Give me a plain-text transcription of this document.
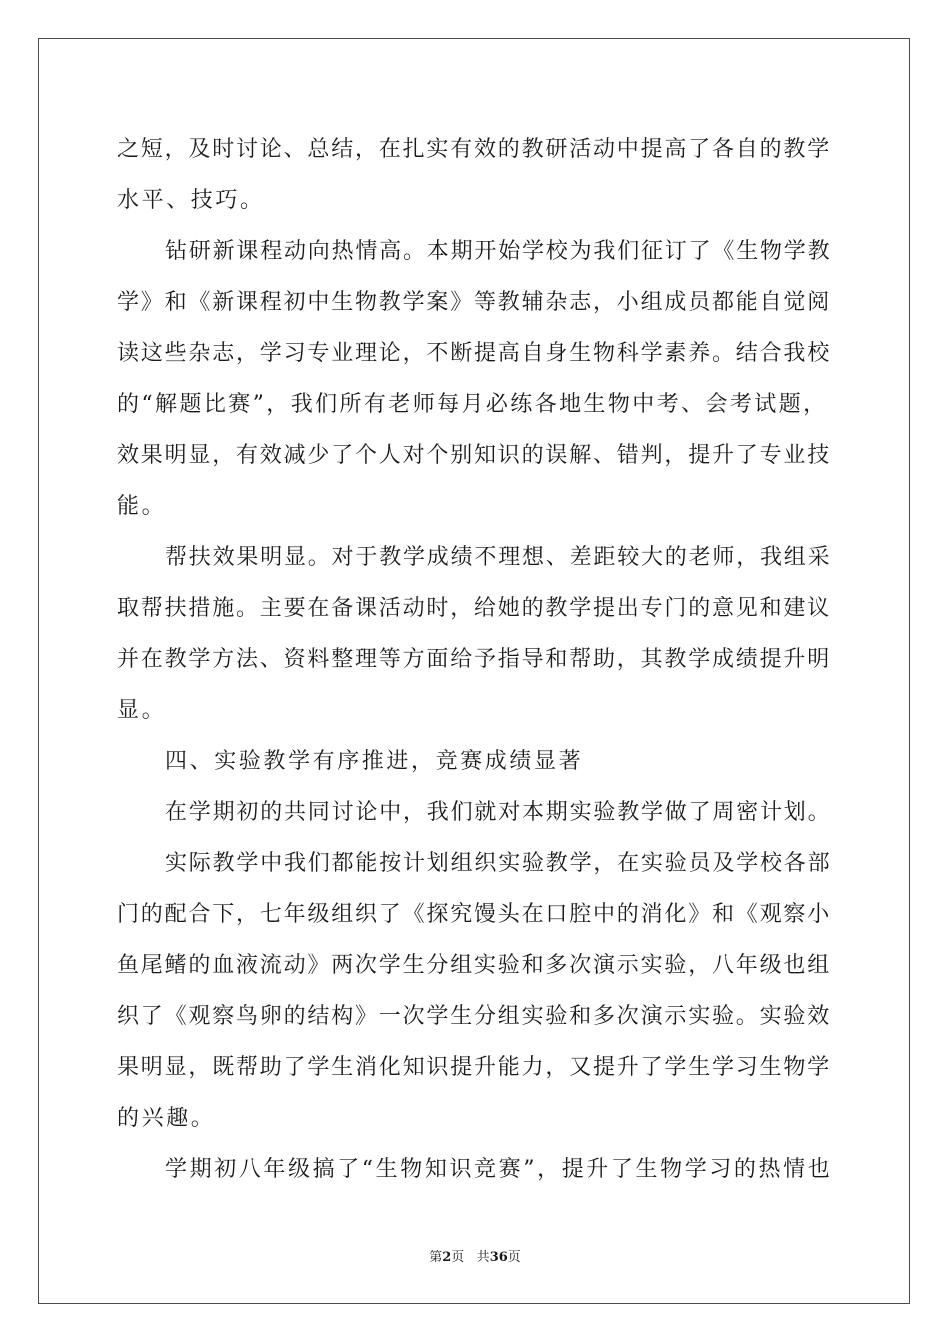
之短，及时讨论、总结，在扎实有效的教研活动中提高了各自的教学
水平、技巧。
钻研新课程动向热情高。本期开始学校为我们征订了《生物学教
学》和《新课程初中生物教学案》等教辅杂志，小组成员都能自觉阅
读这些杂志，学习专业理论，不断提高自身生物科学素养。结合我校
的“解题比赛”，我们所有老师每月必练各地生物中考、会考试题，
效果明显，有效减少了个人对个别知识的误解、错判，提升了专业技
能。
帮扶效果明显。对于教学成绩不理想、差距较大的老师，我组采
取帮扶措施。主要在备课活动时，给她的教学提出专门的意见和建议
并在教学方法、资料整理等方面给予指导和帮助，其教学成绩提升明
显。
四、实验教学有序推进，竞赛成绩显著
在学期初的共同讨论中，我们就对本期实验教学做了周密计划。
实际教学中我们都能按计划组织实验教学，在实验员及学校各部
门的配合下，七年级组织了《探究馒头在口腔中的消化》和《观察小
鱼尾鳍的血液流动》两次学生分组实验和多次演示实验，八年级也组
织了《观察鸟卵的结构》一次学生分组实验和多次演示实验。实验效
果明显，既帮助了学生消化知识提升能力，又提升了学生学习生物学
的兴趣。
学期初八年级搞了“生物知识竞赛”，提升了生物学习的热情也
第2页 共36页
